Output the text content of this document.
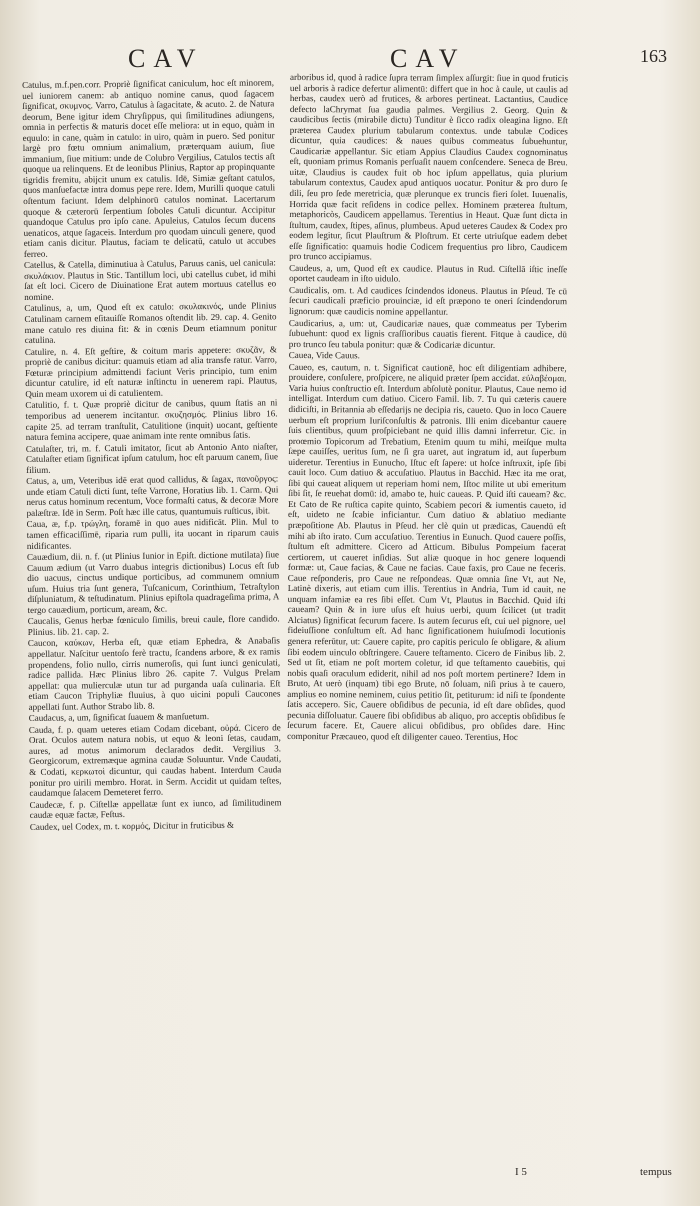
CAV	CAV	163

Catulus, m.f.pen.corr. Propriè ſignificat caniculum, hoc eſt minorem, uel iuniorem canem: ab antiquo nomine canus, quod ſagacem ſignificat, σκυμνος. Varro, Catulus à ſagacitate, & acuto. 2. de Natura deorum, Bene igitur idem Chryſippus, qui ſimilitudines adiungens, omnia in perfectis & maturis docet eſſe meliora: ut in equo, quàm in equulo: in cane, quàm in catulo: in uiro, quàm in puero. Sed ponitur largè pro fœtu omnium animalium, præterquam auium, ſiue immanium, ſiue mitium: unde de Colubro Vergilius, Catulos tectis aſt quoque ua relinquens. Et de leonibus Plinius, Raptor ap propinquante tigridis fremitu, abijcit unum ex catulis. Idē, Simiæ geſtant catulos, quos manſuefactæ intra domus pepe rere. Idem, Murilli quoque catuli oſtentum faciunt. Idem delphinorū catulos nominat. Lacertarum quoque & cæterorū ſerpentium ſoboles Catuli dicuntur. Accipitur quandoque Catulus pro ipſo cane. Apuleius, Catulos ſecum ducens uenaticos, atque ſagaceis. Interdum pro quodam uinculi genere, quod etiam canis dicitur. Plautus, faciam te delicatū, catulo ut accubes ferreo.

Catellus, & Catella, diminutiua à Catulus, Paruus canis, uel canicula: σκυλάκιον. Plautus in Stic. Tantillum loci, ubi catellus cubet, id mihi ſat eſt loci. Cicero de Diuinatione Erat autem mortuus catellus eo nomine.

Catulinus, a, um, Quod eſt ex catulo: σκυλακινός, unde Plinius Catulinam carnem eſitauiſſe Romanos oſtendit lib. 29. cap. 4. Genito mane catulo res diuina fit: & in cœnis Deum etiamnum ponitur catulina.

Catulire, n. 4. Eſt geſtire, & coitum maris appetere: σκυζᾶν, & propriè de canibus dicitur: quamuis etiam ad alia transfe ratur. Varro, Fœturæ principium admittendi faciunt Veris principio, tum enim dicuntur catulire, id eſt naturæ inſtinctu in uenerem rapi. Plautus, Quin meam uxorem ui di catulientem.

Catulitio, f. t. Quæ propriè dicitur de canibus, quum ſtatis an ni temporibus ad uenerem incitantur. σκυζησμός. Plinius libro 16. capite 25. ad terram tranſtulit, Catulitione (inquit) uocant, geſtiente natura femina accipere, quae animam inte rente omnibus ſatis.

Catulaſter, tri, m. f. Catuli imitator, ſicut ab Antonio Anto niaſter, Catulaſter etiam ſignificat ipſum catulum, hoc eſt paruum canem, ſiue filium.

Catus, a, um, Veteribus idē erat quod callidus, & ſagax, πανοῦργος: unde etiam Catuli dicti ſunt, teſte Varrone, Horatius lib. 1. Carm. Qui nerus catus hominum recentum, Voce formaſti catus, & decoræ More palæſtræ. Idē in Serm. Poſt hæc ille catus, quantumuis ruſticus, ibit.

Caua, æ, f.p. τρώγλη, foramē in quo aues nidificāt. Plin. Mul to tamen efficaciſſimē, riparia rum pulli, ita uocant in riparum cauis nidificantes.

Cauædium, dii. n. f. (ut Plinius Iunior in Epiſt. dictione mutilata) ſiue Cauum ædium (ut Varro duabus integris dictionibus) Locus eſt ſub dio uacuus, cinctus undique porticibus, ad communem omnium uſum. Huius tria ſunt genera, Tuſcanicum, Corinthium, Tetraſtylon diſpluniatum, & teſtudinatum. Plinius epiſtola quadrageſima prima, A tergo cauædium, porticum, aream, &c.

Caucalis, Genus herbæ fœniculo ſimilis, breui caule, flore candido. Plinius. lib. 21. cap. 2.

Caucon, καύκων, Herba eſt, quæ etiam Ephedra, & Anabaſis appellatur. Naſcitur uentoſo ferè tractu, ſcandens arbore, & ex ramis propendens, folio nullo, cirris numeroſis, qui ſunt iunci geniculati, radice pallida. Hæc Plinius libro 26. capite 7. Vulgus Prelam appellat: qua mulierculæ utun tur ad purganda uaſa culinaria. Eſt etiam Caucon Triphyliæ fluuius, à quo uicini populi Caucones appellati ſunt. Author Strabo lib. 8.

Caudacus, a, um, ſignificat ſuauem & manſuetum.

Cauda, f. p. quam ueteres etiam Codam dicebant, οὐρά. Cicero de Orat. Oculos autem natura nobis, ut equo & leoni ſetas, caudam, aures, ad motus animorum declarados dedit. Vergilius 3. Georgicorum, extremæque agmina caudæ Soluuntur. Vnde Caudati, & Codati, κερκωτοὶ dicuntur, qui caudas habent. Interdum Cauda ponitur pro uirili membro. Horat. in Serm. Accidit ut quidam teſtes, caudamque ſalacem Demeteret ferro.

Caudecæ, f. p. Ciſtellæ appellatæ ſunt ex iunco, ad ſimilitudinem caudæ equæ factæ, Feſtus.

Caudex, uel Codex, m. t. κορμός, Dicitur in fruticibus &

arboribus id, quod à radice ſupra terram ſimplex aſſurgit: ſiue in quod fruticis uel arboris à radice defertur alimentū: differt que in hoc à caule, ut caulis ad herbas, caudex uerò ad frutices, & arbores pertineat. Lactantius, Caudice defecto laChrymat ſua gaudia palmes. Vergilius 2. Georg. Quin & caudicibus ſectis (mirabile dictu) Tunditur è ſicco radix oleagina ligno. Eſt præterea Caudex plurium tabularum contextus. unde tabulæ Codices dicuntur, quia caudices: & naues quibus commeatus ſubuehuntur, Caudicariæ appellantur. Sic etiam Appius Claudius Caudex cognominatus eſt, quoniam primus Romanis perſuaſit nauem conſcendere. Seneca de Breu. uitæ, Claudius is caudex fuit ob hoc ipſum appellatus, quia plurium tabularum contextus, Caudex apud antiquos uocatur. Ponitur & pro duro ſe dili, ſeu pro ſede meretricia, quæ plerunque ex truncis fieri ſolet. Iuuenalis, Horrida quæ facit reſidens in codice pellex. Hominem præterea ſtultum, metaphoricòs, Caudicem appellamus. Terentius in Heaut. Quæ ſunt dicta in ſtultum, caudex, ſtipes, aſinus, plumbeus. Apud ueteres Caudex & Codex pro eodem legitur, ſicut Plauſtrum & Ploſtrum. Et certe utriuſque eadem debet eſſe ſignificatio: quamuis hodie Codicem frequentius pro libro, Caudicem pro trunco accipiamus.

Caudeus, a, um, Quod eſt ex caudice. Plautus in Rud. Ciſtellā iſtic ineſſe oportet caudeam in iſto uidulo.

Caudicalis, om. t. Ad caudices ſcindendos idoneus. Plautus in Pſeud. Te cū ſecuri caudicali præficio prouinciæ, id eſt præpono te oneri ſcindendorum lignorum: quæ caudicis nomine appellantur.

Caudicarius, a, um: ut, Caudicariæ naues, quæ commeatus per Tyberim ſubuehunt: quod ex lignis craſſioribus cauatis fierent. Fitque à caudice, dū pro trunco ſeu tabula ponitur: quæ & Codicariæ dicuntur.

Cauea, Vide Cauus.

Caueo, es, cautum, n. t. Significat cautionē, hoc eſt diligentiam adhibere, prouidere, conſulere, proſpicere, ne aliquid præter ſpem accidat. εὐλαβέομαι. Varia huius conſtructio eſt. Interdum abſolutè ponitur. Plautus, Caue nemo id intelligat. Interdum cum datiuo. Cicero Famil. lib. 7. Tu qui cæteris cauere didiciſti, in Britannia ab eſſedarijs ne decipia ris, caueto. Quo in loco Cauere uerbum eſt proprium Iuriſconſultis & patronis. Illi enim dicebantur cauere ſuis clientibus, quum proſpiciebant ne quid illis damni inferretur. Cic. in proœmio Topicorum ad Trebatium, Etenim quum tu mihi, meiſque multa ſæpe cauiſſes, ueritus ſum, ne ſi gra uaret, aut ingratum id, aut ſuperbum uideretur. Terentius in Eunucho, Iſtuc eſt ſapere: ut hoſce inſtruxit, ipſe ſibi cauit loco. Cum datiuo & accuſatiuo. Plautus in Bacchid. Hæc ita me orat, ſibi qui caueat aliquem ut reperiam homi nem, Iſtoc milite ut ubi emeritum ſibi ſit, ſe reuehat domū: id, amabo te, huic caueas. P. Quid iſti caueam? &c. Et Cato de Re ruſtica capite quinto, Scabiem pecori & iumentis caueto, id eſt, uideto ne ſcabie inficiantur. Cum datiuo & ablatiuo mediante præpoſitione Ab. Plautus in Pſeud. her clè quin ut prædicas, Cauendū eſt mihi ab iſto irato. Cum accuſatiuo. Terentius in Eunuch. Quod cauere poſſis, ſtultum eſt admittere. Cicero ad Atticum. Bibulus Pompeium facerat certiorem, ut caueret inſidias. Sut aliæ quoque in hoc genere loquendi formæ: ut, Caue facias, & Caue ne facias. Caue faxis, pro Caue ne feceris. Caue reſponderis, pro Caue ne reſpondeas. Quæ omnia ſine Vt, aut Ne, Latinè dixeris, aut etiam cum illis. Terentius in Andria, Tum id cauit, ne unquam infamiæ ea res ſibi eſſet. Cum Vt, Plautus in Bacchid. Quid iſti caueam? Quin & in iure uſus eſt huius uerbi, quum ſcilicet (ut tradit Alciatus) ſignificat ſecurum facere. Is autem ſecurus eſt, cui uel pignore, uel fideiuſſione conſultum eſt. Ad hanc ſignificationem huiuſmodi locutionis genera referūtur, ut: Cauere capite, pro capitis periculo ſe obligare, & alium ſibi eodem uinculo obſtringere. Cauere teſtamento. Cicero de Finibus lib. 2. Sed ut ſit, etiam ne poſt mortem coletur, id que teſtamento cauebitis, qui nobis quaſi oraculum ediderit, nihil ad nos poſt mortem pertinere? Idem in Bruto, At uerò (inquam) tibi ego Brute, nō ſoluam, niſi prius à te cauero, amplius eo nomine neminem, cuius petitio ſit, petiturum: id niſi te ſpondente ſatis accepero. Sic, Cauere obſidibus de pecunia, id eſt dare obſides, quod pecunia diſſoluatur. Cauere ſibi obſidibus ab aliquo, pro acceptis obſidibus ſe ſecurum facere. Et, Cauere alicui obſidibus, pro obſides dare. Hinc componitur Præcaueo, quod eſt diligenter caueo. Terentius, Hoc

I 5	tempus
